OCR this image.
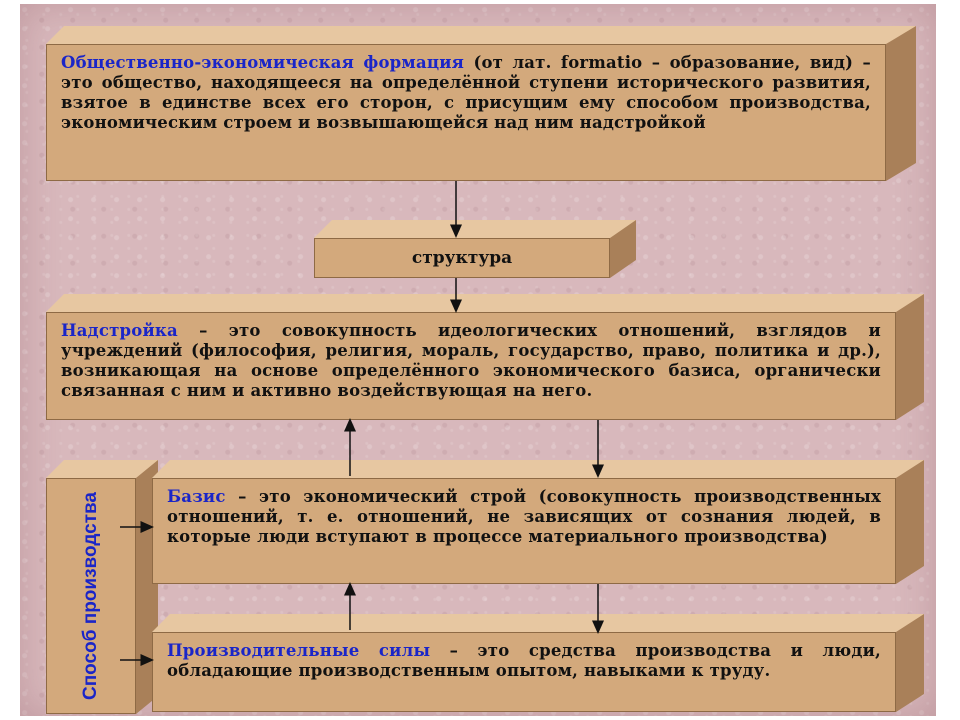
Общественно-экономическая формация (от лат. formatio – образование, вид) – это общество, находящееся на определённой ступени исторического развития, взятое в единстве всех его сторон, с присущим ему способом производства, экономическим строем и возвышающейся над ним надстройкой
структура
Надстройка – это совокупность идеологических отношений, взглядов и учреждений (философия, религия, мораль, государство, право, политика и др.), возникающая на основе определённого экономического базиса, органически связанная с ним и активно воздействующая на него.
Способ производства	Базис – это экономический строй (совокупность производственных отношений, т. е. отношений, не зависящих от сознания людей, в которые люди вступают в процессе материального производства)
Производительные силы – это средства производства и люди, обладающие производственным опытом, навыками к труду.
